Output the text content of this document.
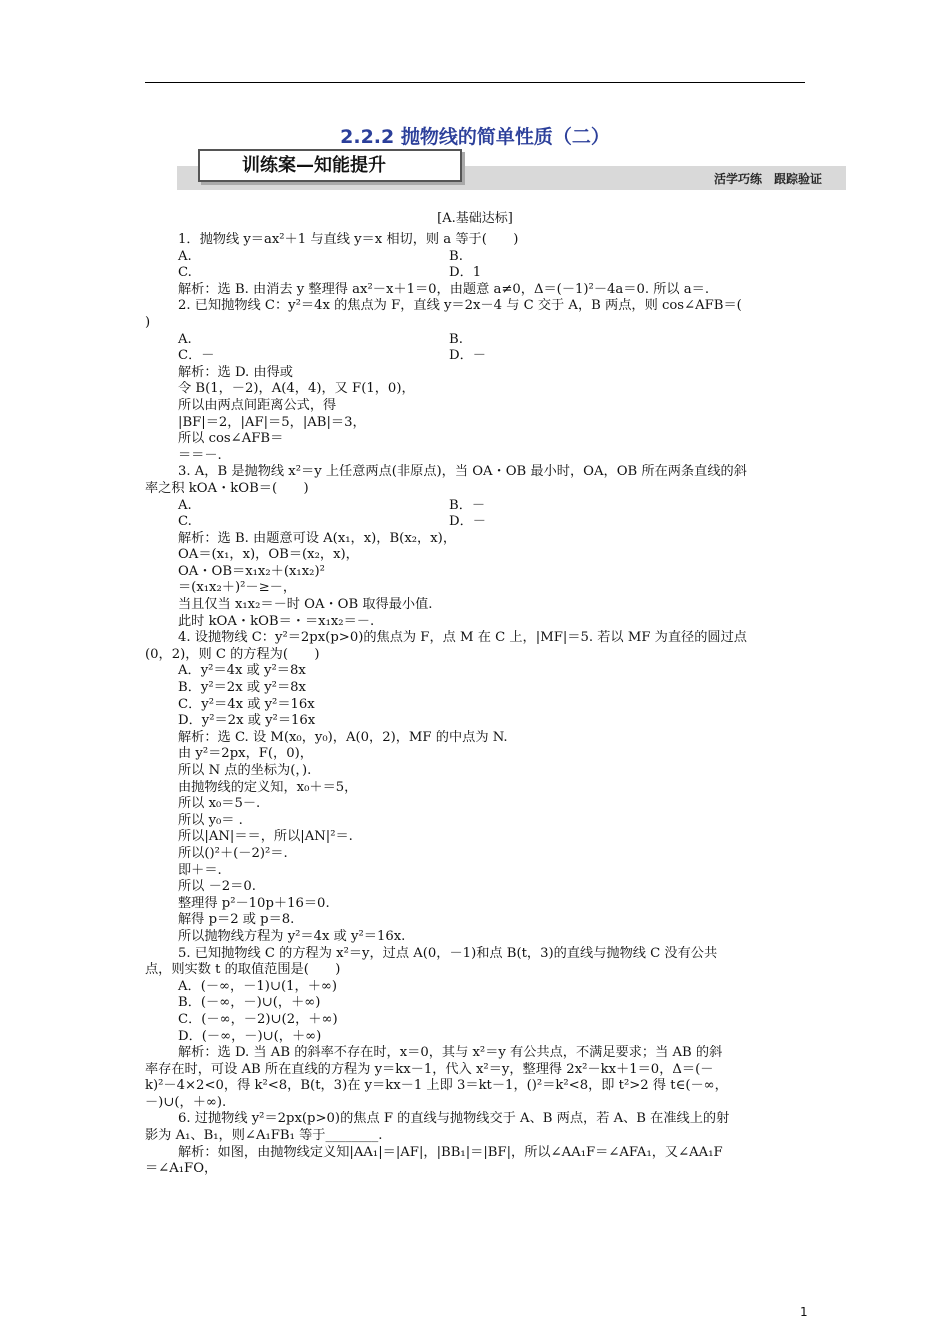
2.2.2 抛物线的简单性质（二）
训练案—知能提升
活学巧练　跟踪验证
[A.基础达标]
1．抛物线 y＝ax²＋1 与直线 y＝x 相切，则 a 等于(　　)
A.	B.
C.	D．1
解析：选 B. 由消去 y 整理得 ax²－x＋1＝0，由题意 a≠0，Δ＝(－1)²－4a＝0. 所以 a＝.
2. 已知抛物线 C：y²＝4x 的焦点为 F，直线 y＝2x－4 与 C 交于 A，B 两点，则 cos∠AFB＝(
)
A.	B.
C．－	D．－
解析：选 D. 由得或
令 B(1，－2)，A(4，4)，又 F(1，0)，
所以由两点间距离公式，得
|BF|＝2，|AF|＝5，|AB|＝3，
所以 cos∠AFB＝
＝＝－.
3. A，B 是抛物线 x²＝y 上任意两点(非原点)，当 OA・OB 最小时，OA，OB 所在两条直线的斜
率之积 kOA・kOB＝(　　)
A.	B．－
C.	D．－
解析：选 B. 由题意可设 A(x₁，x)，B(x₂，x)，
OA＝(x₁，x)，OB＝(x₂，x)，
OA・OB＝x₁x₂＋(x₁x₂)²
＝(x₁x₂＋)²－≥－，
当且仅当 x₁x₂＝－时 OA・OB 取得最小值.
此时 kOA・kOB＝・＝x₁x₂＝－.
4. 设抛物线 C：y²＝2px(p>0)的焦点为 F，点 M 在 C 上，|MF|＝5. 若以 MF 为直径的圆过点
(0，2)，则 C 的方程为(　　)
A．y²＝4x 或 y²＝8x
B．y²＝2x 或 y²＝8x
C．y²＝4x 或 y²＝16x
D．y²＝2x 或 y²＝16x
解析：选 C. 设 M(x₀，y₀)，A(0，2)，MF 的中点为 N.
由 y²＝2px，F(，0)，
所以 N 点的坐标为(，).
由抛物线的定义知，x₀＋＝5，
所以 x₀＝5－.
所以 y₀＝ .
所以|AN|＝＝，所以|AN|²＝.
所以()²＋(－2)²＝.
即＋＝.
所以 －2＝0.
整理得 p²－10p＋16＝0.
解得 p＝2 或 p＝8.
所以抛物线方程为 y²＝4x 或 y²＝16x.
5. 已知抛物线 C 的方程为 x²＝y，过点 A(0，－1)和点 B(t，3)的直线与抛物线 C 没有公共
点，则实数 t 的取值范围是(　　)
A．(－∞，－1)∪(1，＋∞)
B．(－∞，－)∪(，＋∞)
C．(－∞，－2)∪(2，＋∞)
D．(－∞，－)∪(，＋∞)
解析：选 D. 当 AB 的斜率不存在时，x＝0，其与 x²＝y 有公共点，不满足要求；当 AB 的斜
率存在时，可设 AB 所在直线的方程为 y＝kx－1，代入 x²＝y，整理得 2x²－kx＋1＝0，Δ＝(－
k)²－4×2<0，得 k²<8，B(t，3)在 y＝kx－1 上即 3＝kt－1，()²＝k²<8，即 t²>2 得 t∈(－∞，
－)∪(，＋∞).
6. 过抛物线 y²＝2px(p>0)的焦点 F 的直线与抛物线交于 A、B 两点，若 A、B 在准线上的射
影为 A₁、B₁，则∠A₁FB₁ 等于________.
解析：如图，由抛物线定义知|AA₁|＝|AF|，|BB₁|＝|BF|，所以∠AA₁F＝∠AFA₁，又∠AA₁F
＝∠A₁FO，
1
